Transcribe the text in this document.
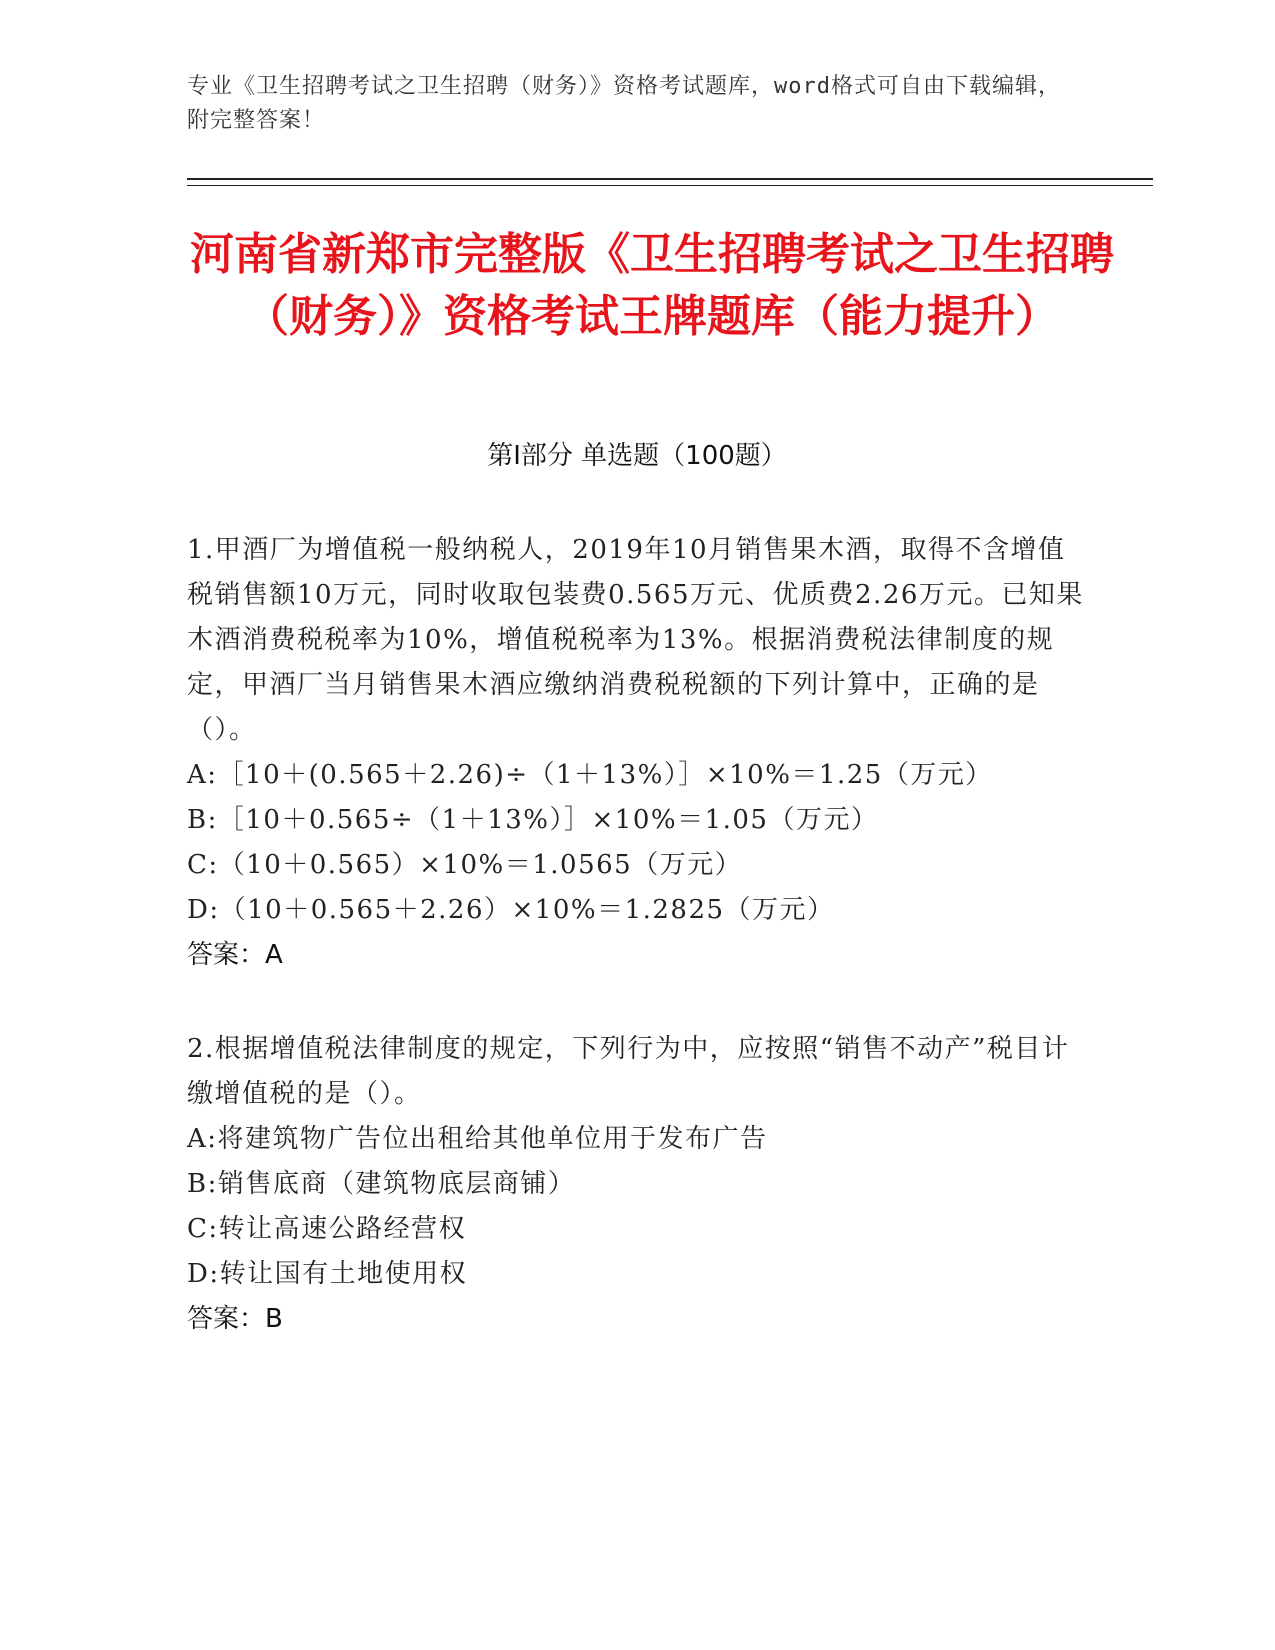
专业《卫生招聘考试之卫生招聘（财务）》资格考试题库，word格式可自由下载编辑，附完整答案！
河南省新郑市完整版《卫生招聘考试之卫生招聘（财务）》资格考试王牌题库（能力提升）
第Ⅰ部分 单选题（100题）
1.甲酒厂为增值税一般纳税人，2019年10月销售果木酒，取得不含增值税销售额10万元，同时收取包装费0.565万元、优质费2.26万元。已知果木酒消费税税率为10%，增值税税率为13%。根据消费税法律制度的规定，甲酒厂当月销售果木酒应缴纳消费税税额的下列计算中，正确的是（）。
A:［10＋(0.565＋2.26)÷（1＋13%）］×10%＝1.25（万元）
B:［10＋0.565÷（1＋13%）］×10%＝1.05（万元）
C:（10＋0.565）×10%＝1.0565（万元）
D:（10＋0.565＋2.26）×10%＝1.2825（万元）
答案：A
2.根据增值税法律制度的规定，下列行为中，应按照“销售不动产”税目计缴增值税的是（）。
A:将建筑物广告位出租给其他单位用于发布广告
B:销售底商（建筑物底层商铺）
C:转让高速公路经营权
D:转让国有土地使用权
答案：B
